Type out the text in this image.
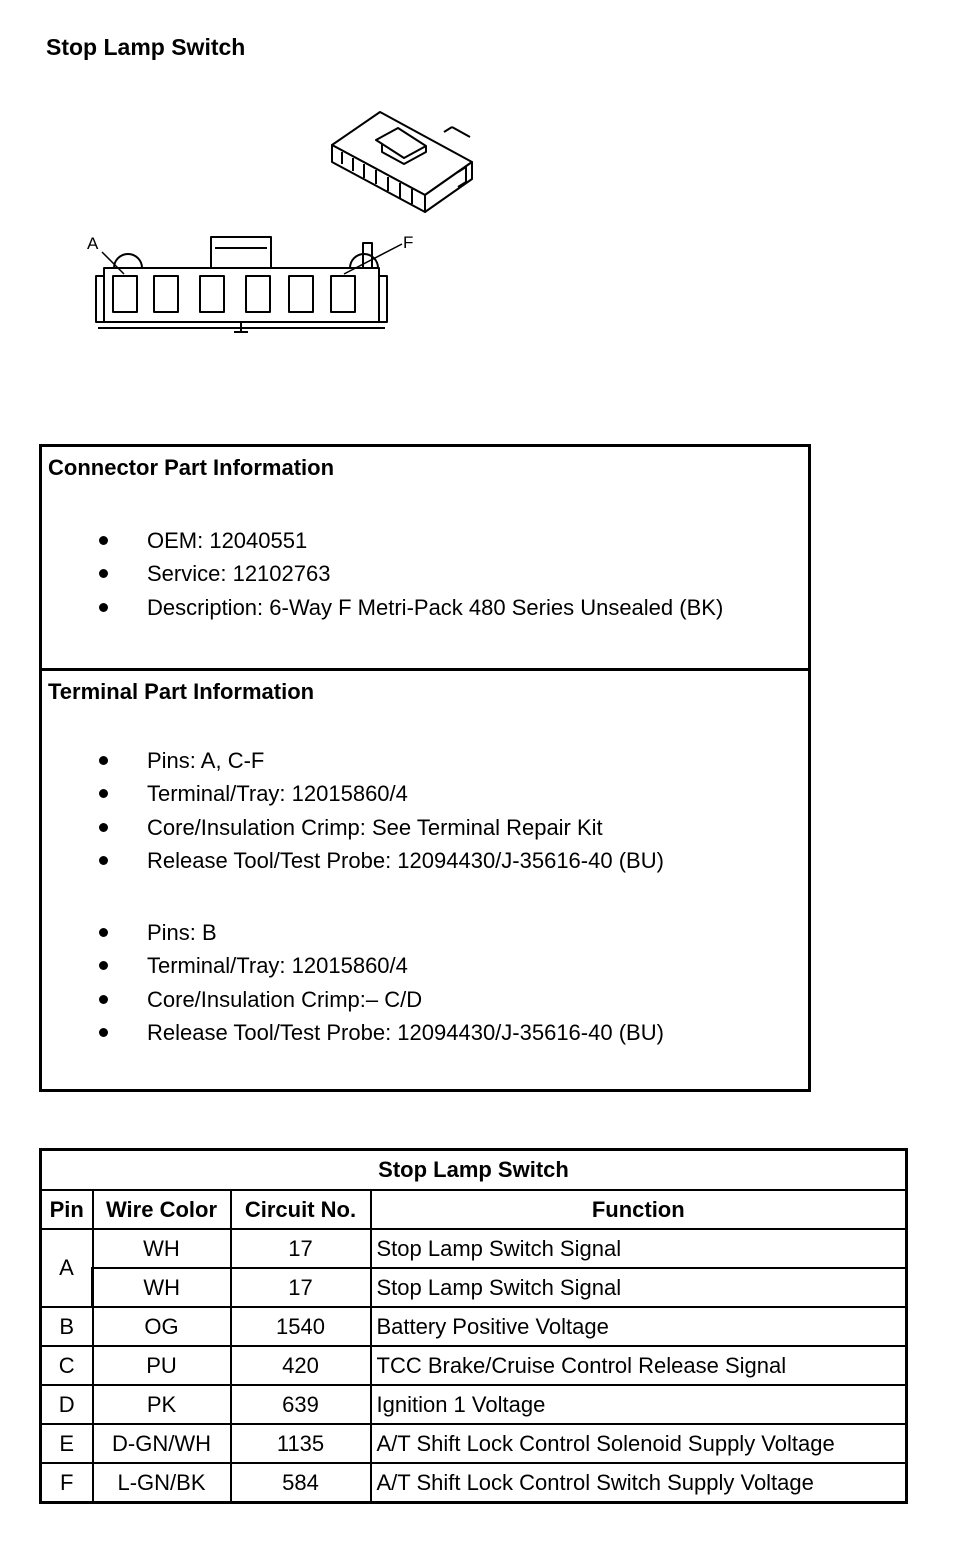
Stop Lamp Switch
A	F
Connector Part Information
OEM: 12040551
Service: 12102763
Description: 6-Way F Metri-Pack 480 Series Unsealed (BK)
Terminal Part Information
Pins: A, C-F
Terminal/Tray: 12015860/4
Core/Insulation Crimp: See Terminal Repair Kit
Release Tool/Test Probe: 12094430/J-35616-40 (BU)
Pins: B
Terminal/Tray: 12015860/4
Core/Insulation Crimp:– C/D
Release Tool/Test Probe: 12094430/J-35616-40 (BU)
Stop Lamp Switch			
Pin	Wire Color	Circuit No.	Function
A	WH	17	Stop Lamp Switch Signal
	WH	17	Stop Lamp Switch Signal
B	OG	1540	Battery Positive Voltage
C	PU	420	TCC Brake/Cruise Control Release Signal
D	PK	639	Ignition 1 Voltage
E	D-GN/WH	1135	A/T Shift Lock Control Solenoid Supply Voltage
F	L-GN/BK	584	A/T Shift Lock Control Switch Supply Voltage
